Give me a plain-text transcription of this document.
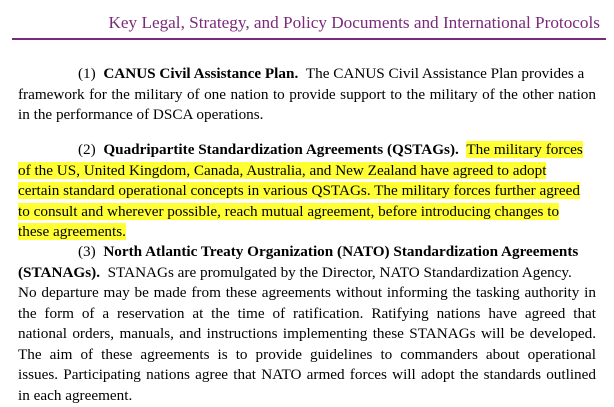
Key Legal, Strategy, and Policy Documents and International Protocols
(1) CANUS Civil Assistance Plan. The CANUS Civil Assistance Plan provides a
framework for the military of one nation to provide support to the military of the other nation
in the performance of DSCA operations.
(2) Quadripartite Standardization Agreements (QSTAGs). The military forces
of the US, United Kingdom, Canada, Australia, and New Zealand have agreed to adopt
certain standard operational concepts in various QSTAGs. The military forces further agreed
to consult and wherever possible, reach mutual agreement, before introducing changes to
these agreements.
(3) North Atlantic Treaty Organization (NATO) Standardization Agreements
(STANAGs). STANAGs are promulgated by the Director, NATO Standardization Agency.
No departure may be made from these agreements without informing the tasking authority in
the form of a reservation at the time of ratification. Ratifying nations have agreed that
national orders, manuals, and instructions implementing these STANAGs will be developed.
The aim of these agreements is to provide guidelines to commanders about operational
issues. Participating nations agree that NATO armed forces will adopt the standards outlined
in each agreement.
